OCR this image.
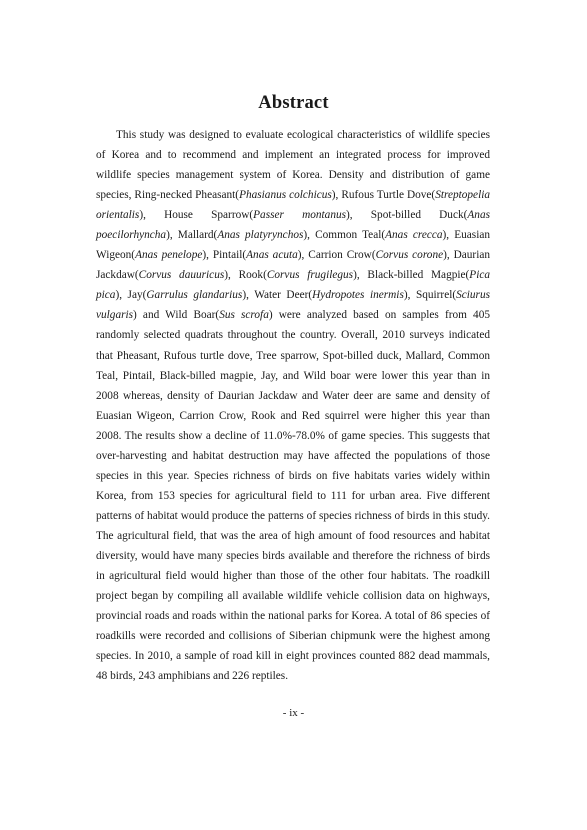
Abstract

This study was designed to evaluate ecological characteristics of wildlife species of Korea and to recommend and implement an integrated process for improved wildlife species management system of Korea. Density and distribution of game species, Ring-necked Pheasant(Phasianus colchicus), Rufous Turtle Dove(Streptopelia orientalis), House Sparrow(Passer montanus), Spot-billed Duck(Anas poecilorhyncha), Mallard(Anas platyrynchos), Common Teal(Anas crecca), Euasian Wigeon(Anas penelope), Pintail(Anas acuta), Carrion Crow(Corvus corone), Daurian Jackdaw(Corvus dauuricus), Rook(Corvus frugilegus), Black-billed Magpie(Pica pica), Jay(Garrulus glandarius), Water Deer(Hydropotes inermis), Squirrel(Sciurus vulgaris) and Wild Boar(Sus scrofa) were analyzed based on samples from 405 randomly selected quadrats throughout the country. Overall, 2010 surveys indicated that Pheasant, Rufous turtle dove, Tree sparrow, Spot-billed duck, Mallard, Common Teal, Pintail, Black-billed magpie, Jay, and Wild boar were lower this year than in 2008 whereas, density of Daurian Jackdaw and Water deer are same and density of Euasian Wigeon, Carrion Crow, Rook and Red squirrel were higher this year than 2008. The results show a decline of 11.0%-78.0% of game species. This suggests that over-harvesting and habitat destruction may have affected the populations of those species in this year. Species richness of birds on five habitats varies widely within Korea, from 153 species for agricultural field to 111 for urban area. Five different patterns of habitat would produce the patterns of species richness of birds in this study. The agricultural field, that was the area of high amount of food resources and habitat diversity, would have many species birds available and therefore the richness of birds in agricultural field would higher than those of the other four habitats. The roadkill project began by compiling all available wildlife vehicle collision data on highways, provincial roads and roads within the national parks for Korea. A total of 86 species of roadkills were recorded and collisions of Siberian chipmunk were the highest among species. In 2010, a sample of road kill in eight provinces counted 882 dead mammals, 48 birds, 243 amphibians and 226 reptiles.

- ix -
